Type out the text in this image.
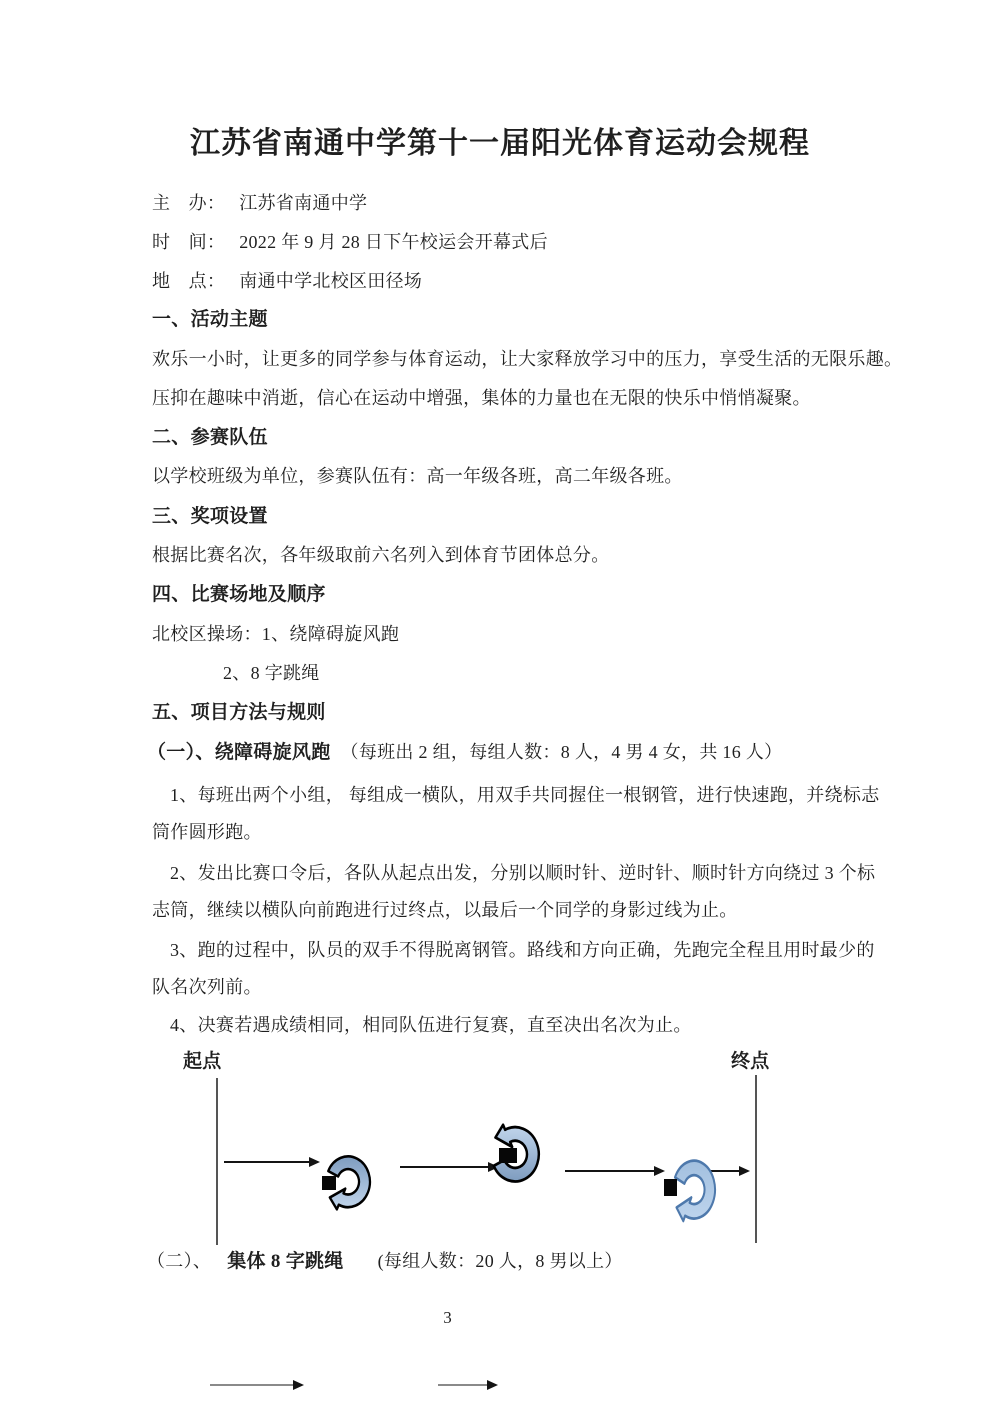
江苏省南通中学第十一届阳光体育运动会规程
主　办： 江苏省南通中学
时　间： 2022 年 9 月 28 日下午校运会开幕式后
地　点： 南通中学北校区田径场
一、活动主题
欢乐一小时，让更多的同学参与体育运动，让大家释放学习中的压力，享受生活的无限乐趣。
压抑在趣味中消逝，信心在运动中增强，集体的力量也在无限的快乐中悄悄凝聚。
二、参赛队伍
以学校班级为单位，参赛队伍有：高一年级各班，高二年级各班。
三、奖项设置
根据比赛名次，各年级取前六名列入到体育节团体总分。
四、比赛场地及顺序
北校区操场：1、绕障碍旋风跑
2、8 字跳绳
五、项目方法与规则
（一）、绕障碍旋风跑 （每班出 2 组，每组人数：8 人，4 男 4 女，共 16 人）
1、每班出两个小组， 每组成一横队，用双手共同握住一根钢管，进行快速跑，并绕标志
筒作圆形跑。
2、发出比赛口令后，各队从起点出发，分别以顺时针、逆时针、顺时针方向绕过 3 个标
志筒，继续以横队向前跑进行过终点，以最后一个同学的身影过线为止。
3、跑的过程中，队员的双手不得脱离钢管。路线和方向正确，先跑完全程且用时最少的
队名次列前。
4、决赛若遇成绩相同，相同队伍进行复赛，直至决出名次为止。
起点	终点
（二）、 集体 8 字跳绳 (每组人数：20 人，8 男以上）
3
